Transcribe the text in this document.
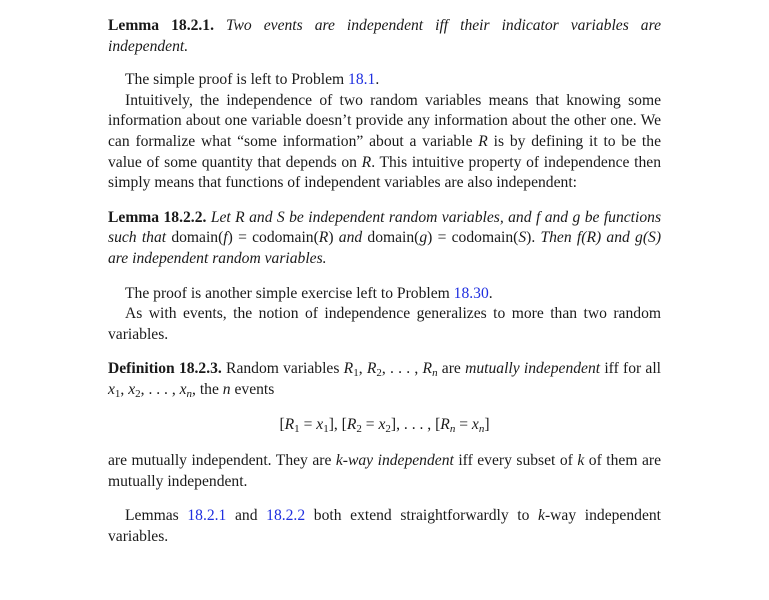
Lemma 18.2.1. Two events are independent iff their indicator variables are independent.

The simple proof is left to Problem 18.1.

Intuitively, the independence of two random variables means that knowing some information about one variable doesn’t provide any information about the other one. We can formalize what “some information” about a variable R is by defining it to be the value of some quantity that depends on R. This intuitive property of independence then simply means that functions of independent variables are also independent:

Lemma 18.2.2. Let R and S be independent random variables, and f and g be functions such that domain(f) = codomain(R) and domain(g) = codomain(S). Then f(R) and g(S) are independent random variables.

The proof is another simple exercise left to Problem 18.30.

As with events, the notion of independence generalizes to more than two random variables.

Definition 18.2.3. Random variables $R_1$, $R_2$, . . . , $R_n$ are mutually independent iff for all $x_1$, $x_2$, . . . , $x_n$, the n events

$[R_1 = x_1]$, $[R_2 = x_2]$, . . . , $[R_n = x_n]$

are mutually independent. They are k-way independent iff every subset of k of them are mutually independent.

Lemmas 18.2.1 and 18.2.2 both extend straightforwardly to k-way independent variables.
